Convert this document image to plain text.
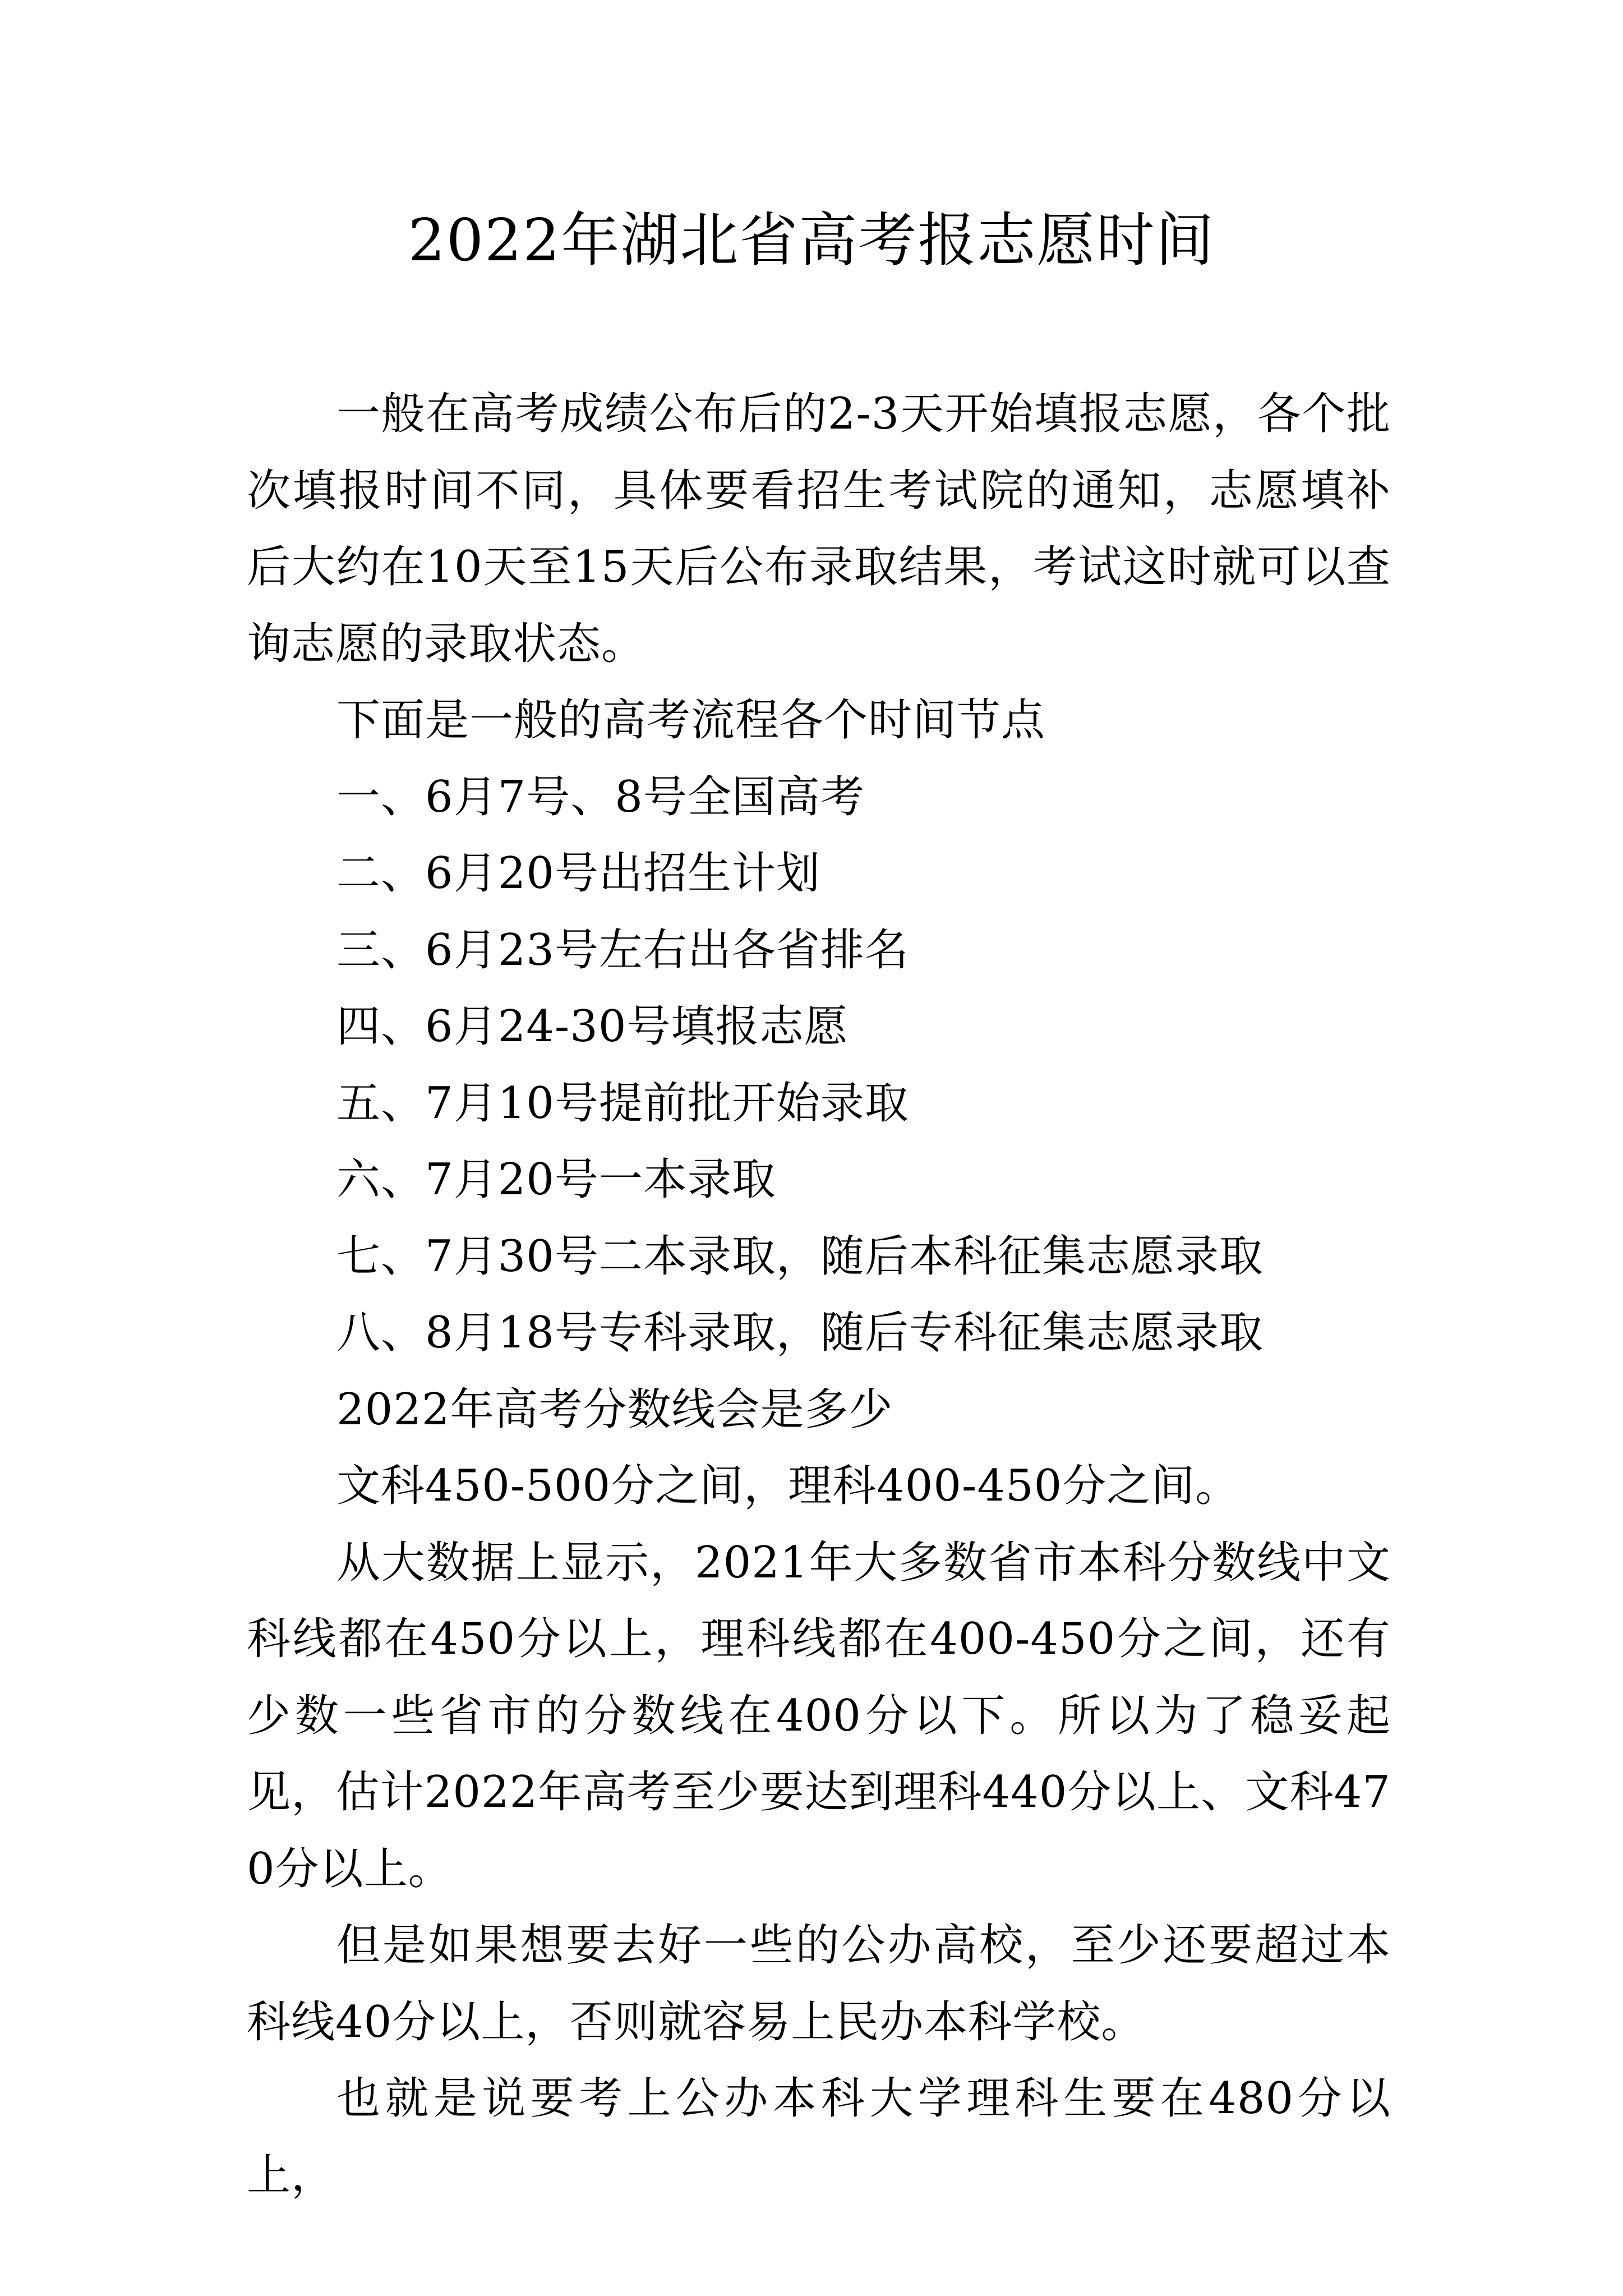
2022年湖北省高考报志愿时间

一般在高考成绩公布后的2-3天开始填报志愿，各个批次填报时间不同，具体要看招生考试院的通知，志愿填补后大约在10天至15天后公布录取结果，考试这时就可以查询志愿的录取状态。

下面是一般的高考流程各个时间节点

一、6月7号、8号全国高考

二、6月20号出招生计划

三、6月23号左右出各省排名

四、6月24-30号填报志愿

五、7月10号提前批开始录取

六、7月20号一本录取

七、7月30号二本录取，随后本科征集志愿录取

八、8月18号专科录取，随后专科征集志愿录取

2022年高考分数线会是多少

文科450-500分之间，理科400-450分之间。

从大数据上显示，2021年大多数省市本科分数线中文科线都在450分以上，理科线都在400-450分之间，还有少数一些省市的分数线在400分以下。所以为了稳妥起见，估计2022年高考至少要达到理科440分以上、文科470分以上。

但是如果想要去好一些的公办高校，至少还要超过本科线40分以上，否则就容易上民办本科学校。

也就是说要考上公办本科大学理科生要在480分以上，
